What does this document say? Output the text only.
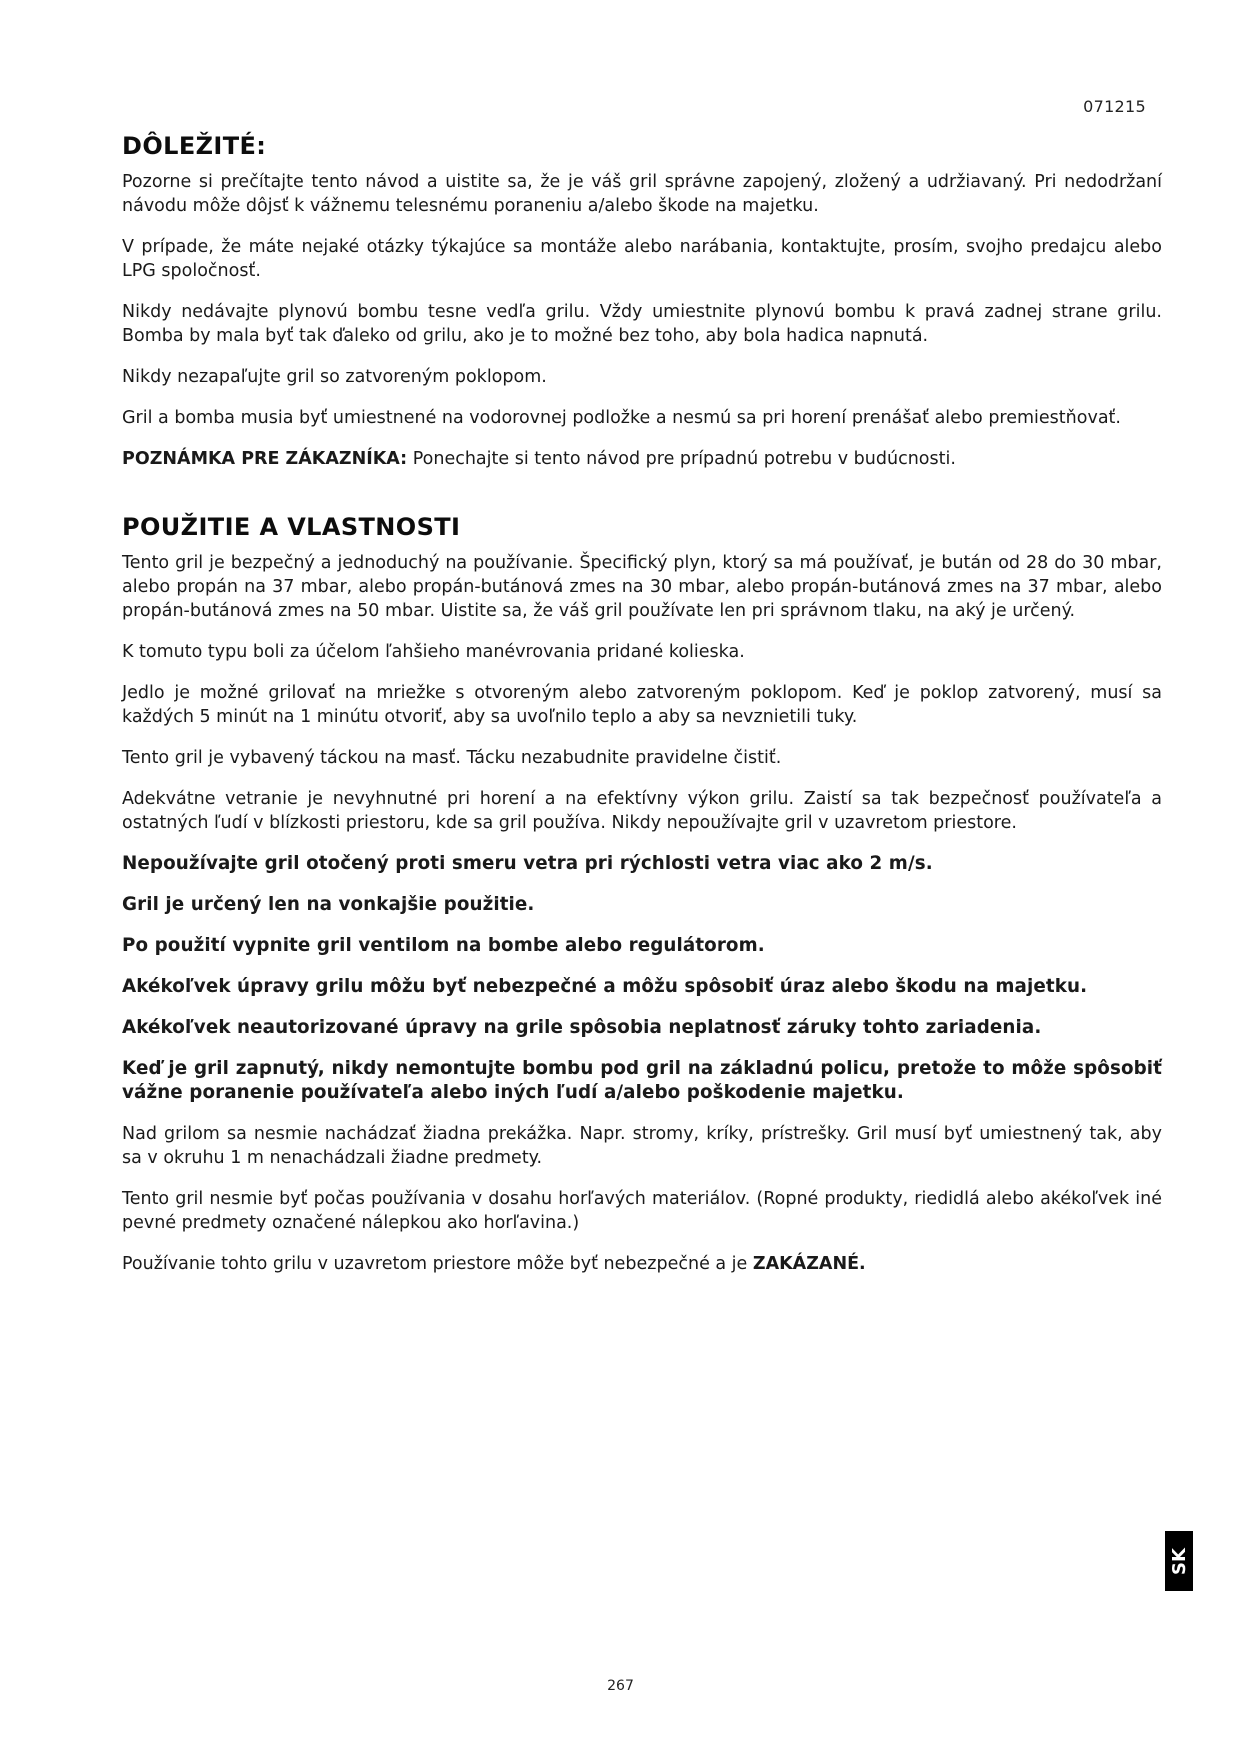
071215
DÔLEŽITÉ:

Pozorne si prečítajte tento návod a uistite sa, že je váš gril správne zapojený, zložený a udržiavaný. Pri nedodržaní návodu môže dôjsť k vážnemu telesnému poraneniu a/alebo škode na majetku.

V prípade, že máte nejaké otázky týkajúce sa montáže alebo narábania, kontaktujte, prosím, svojho predajcu alebo LPG spoločnosť.

Nikdy nedávajte plynovú bombu tesne vedľa grilu. Vždy umiestnite plynovú bombu k pravá zadnej strane grilu. Bomba by mala byť tak ďaleko od grilu, ako je to možné bez toho, aby bola hadica napnutá.

Nikdy nezapaľujte gril so zatvoreným poklopom.

Gril a bomba musia byť umiestnené na vodorovnej podložke a nesmú sa pri horení prenášať alebo premiestňovať.

POZNÁMKA PRE ZÁKAZNÍKA: Ponechajte si tento návod pre prípadnú potrebu v budúcnosti.

POUŽITIE A VLASTNOSTI

Tento gril je bezpečný a jednoduchý na používanie. Špecifický plyn, ktorý sa má používať, je bután od 28 do 30 mbar, alebo propán na 37 mbar, alebo propán-butánová zmes na 30 mbar, alebo propán-butánová zmes na 37 mbar, alebo propán-butánová zmes na 50 mbar. Uistite sa, že váš gril používate len pri správnom tlaku, na aký je určený.

K tomuto typu boli za účelom ľahšieho manévrovania pridané kolieska.

Jedlo je možné grilovať na mriežke s otvoreným alebo zatvoreným poklopom. Keď je poklop zatvorený, musí sa každých 5 minút na 1 minútu otvoriť, aby sa uvoľnilo teplo a aby sa nevznietili tuky.

Tento gril je vybavený táckou na masť. Tácku nezabudnite pravidelne čistiť.

Adekvátne vetranie je nevyhnutné pri horení a na efektívny výkon grilu. Zaistí sa tak bezpečnosť používateľa a ostatných ľudí v blízkosti priestoru, kde sa gril používa. Nikdy nepoužívajte gril v uzavretom priestore.

Nepoužívajte gril otočený proti smeru vetra pri rýchlosti vetra viac ako 2 m/s.

Gril je určený len na vonkajšie použitie.

Po použití vypnite gril ventilom na bombe alebo regulátorom.

Akékoľvek úpravy grilu môžu byť nebezpečné a môžu spôsobiť úraz alebo škodu na majetku.

Akékoľvek neautorizované úpravy na grile spôsobia neplatnosť záruky tohto zariadenia.

Keď je gril zapnutý, nikdy nemontujte bombu pod gril na základnú policu, pretože to môže spôsobiť vážne poranenie používateľa alebo iných ľudí a/alebo poškodenie majetku.

Nad grilom sa nesmie nachádzať žiadna prekážka. Napr. stromy, kríky, prístrešky. Gril musí byť umiestnený tak, aby sa v okruhu 1 m nenachádzali žiadne predmety.

Tento gril nesmie byť počas používania v dosahu horľavých materiálov. (Ropné produkty, riedidlá alebo akékoľvek iné pevné predmety označené nálepkou ako horľavina.)

Používanie tohto grilu v uzavretom priestore môže byť nebezpečné a je ZAKÁZANÉ.

SK
267
